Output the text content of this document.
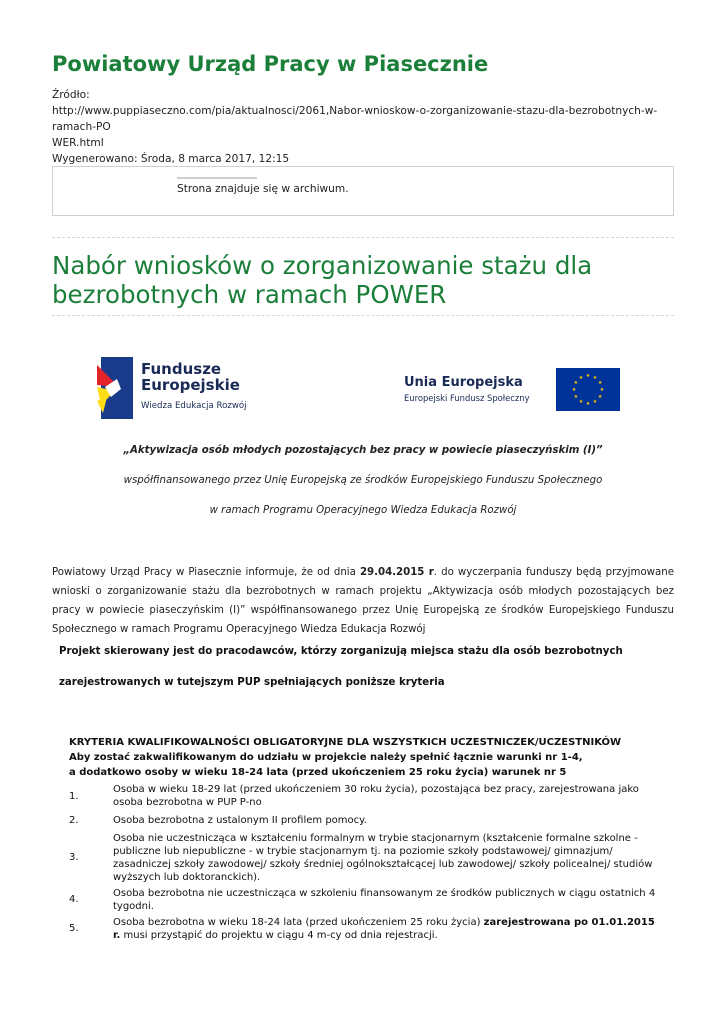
Powiatowy Urząd Pracy w Piasecznie
Źródło:
http://www.puppiaseczno.com/pia/aktualnosci/2061,Nabor-wnioskow-o-zorganizowanie-stazu-dla-bezrobotnych-w-ramach-PO
WER.html
Wygenerowano: Środa, 8 marca 2017, 12:15
Strona znajduje się w archiwum.
Nabór wniosków o zorganizowanie stażu dla
bezrobotnych w ramach POWER
Fundusze
Europejskie
Wiedza Edukacja Rozwój
Unia Europejska
Europejski Fundusz Społeczny
★ ★
★
★
★
★
★
★
★
★
★
★
„Aktywizacja osób młodych pozostających bez pracy w powiecie piaseczyńskim (I)”
współfinansowanego przez Unię Europejską ze środków Europejskiego Funduszu Społecznego
w ramach Programu Operacyjnego Wiedza Edukacja Rozwój
Powiatowy Urząd Pracy w Piasecznie informuje, że od dnia 29.04.2015 r. do wyczerpania funduszy będą przyjmowane wnioski o zorganizowanie stażu dla bezrobotnych w ramach projektu „Aktywizacja osób młodych pozostających bez pracy w powiecie piaseczyńskim (I)” współfinansowanego przez Unię Europejską ze środków Europejskiego Funduszu Społecznego w ramach Programu Operacyjnego Wiedza Edukacja Rozwój
Projekt skierowany jest do pracodawców, którzy zorganizują miejsca stażu dla osób bezrobotnych
zarejestrowanych w tutejszym PUP spełniających poniższe kryteria
KRYTERIA KWALIFIKOWALNOŚCI OBLIGATORYJNE DLA WSZYSTKICH UCZESTNICZEK/UCZESTNIKÓW
Aby zostać zakwalifikowanym do udziału w projekcie należy spełnić łącznie warunki nr 1-4,
a dodatkowo osoby w wieku 18-24 lata (przed ukończeniem 25 roku życia) warunek nr 5
1.
Osoba w wieku 18-29 lat (przed ukończeniem 30 roku życia), pozostająca bez pracy, zarejestrowana jako
osoba bezrobotna w PUP P-no
2.	Osoba bezrobotna z ustalonym II profilem pomocy.
3.
Osoba nie uczestnicząca w kształceniu formalnym w trybie stacjonarnym (kształcenie formalne szkolne -
publiczne lub niepubliczne - w trybie stacjonarnym tj. na poziomie szkoły podstawowej/ gimnazjum/
zasadniczej szkoły zawodowej/ szkoły średniej ogólnokształcącej lub zawodowej/ szkoły policealnej/ studiów
wyższych lub doktoranckich).
4.
Osoba bezrobotna nie uczestnicząca w szkoleniu finansowanym ze środków publicznych w ciągu ostatnich 4
tygodni.
5.
Osoba bezrobotna w wieku 18-24 lata (przed ukończeniem 25 roku życia) zarejestrowana po 01.01.2015
r. musi przystąpić do projektu w ciągu 4 m-cy od dnia rejestracji.
